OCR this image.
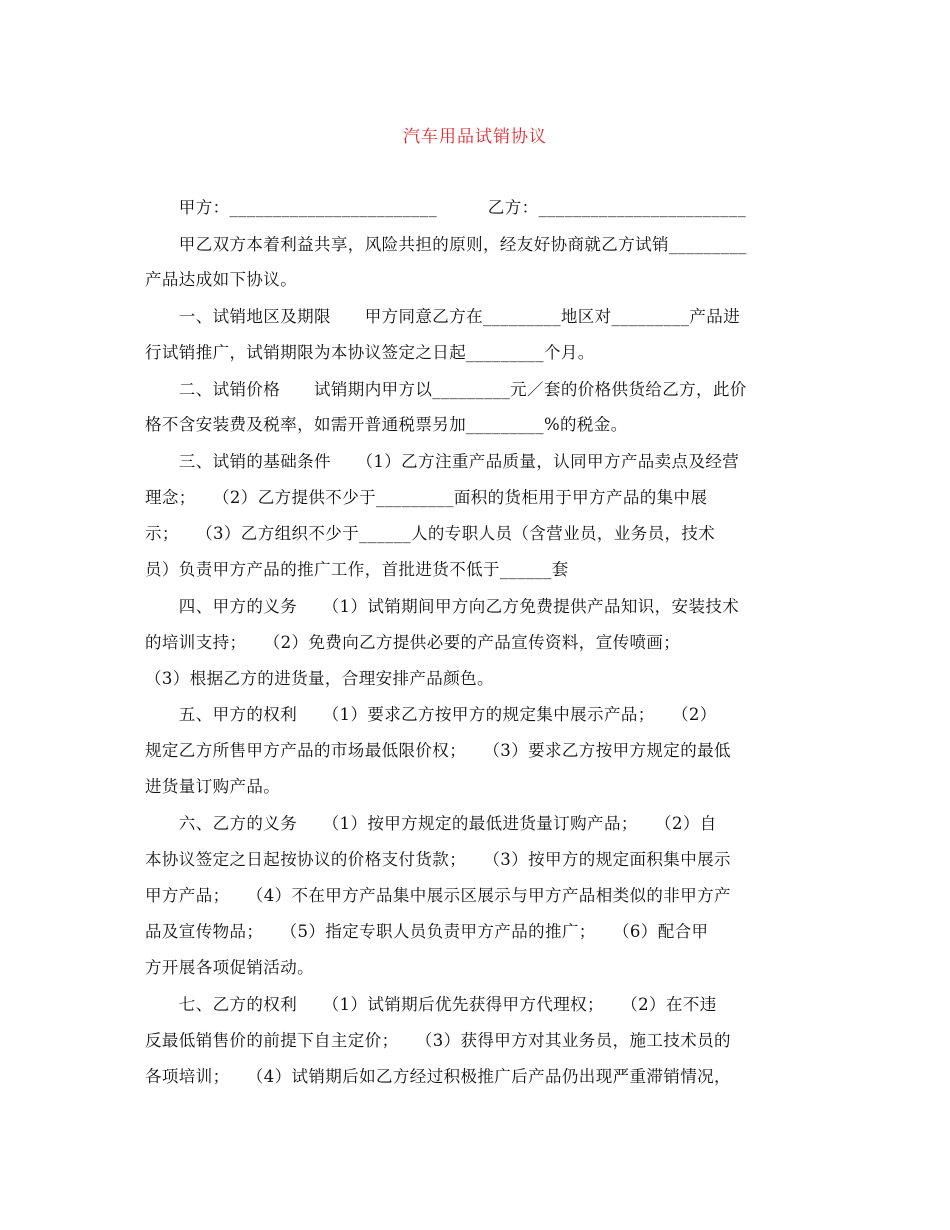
汽车用品试销协议
　　甲方：________________________　　　乙方：________________________
　　甲乙双方本着利益共享，风险共担的原则，经友好协商就乙方试销_________
产品达成如下协议。
　　一、试销地区及期限　　甲方同意乙方在_________地区对_________产品进
行试销推广，试销期限为本协议签定之日起_________个月。
　　二、试销价格　　试销期内甲方以_________元／套的价格供货给乙方，此价
格不含安装费及税率，如需开普通税票另加_________%的税金。
　　三、试销的基础条件　　（1）乙方注重产品质量，认同甲方产品卖点及经营
理念；　　（2）乙方提供不少于_________面积的货柜用于甲方产品的集中展
示；　　（3）乙方组织不少于______人的专职人员（含营业员，业务员，技术
员）负责甲方产品的推广工作，首批进货不低于______套
　　四、甲方的义务　　（1）试销期间甲方向乙方免费提供产品知识，安装技术
的培训支持；　　（2）免费向乙方提供必要的产品宣传资料，宣传喷画；
（3）根据乙方的进货量，合理安排产品颜色。
　　五、甲方的权利　　（1）要求乙方按甲方的规定集中展示产品；　　（2）
规定乙方所售甲方产品的市场最低限价权；　　（3）要求乙方按甲方规定的最低
进货量订购产品。
　　六、乙方的义务　　（1）按甲方规定的最低进货量订购产品；　　（2）自
本协议签定之日起按协议的价格支付货款；　　（3）按甲方的规定面积集中展示
甲方产品；　　（4）不在甲方产品集中展示区展示与甲方产品相类似的非甲方产
品及宣传物品；　　（5）指定专职人员负责甲方产品的推广；　　（6）配合甲
方开展各项促销活动。
　　七、乙方的权利　　（1）试销期后优先获得甲方代理权；　　（2）在不违
反最低销售价的前提下自主定价；　　（3）获得甲方对其业务员，施工技术员的
各项培训；　　（4）试销期后如乙方经过积极推广后产品仍出现严重滞销情况，
